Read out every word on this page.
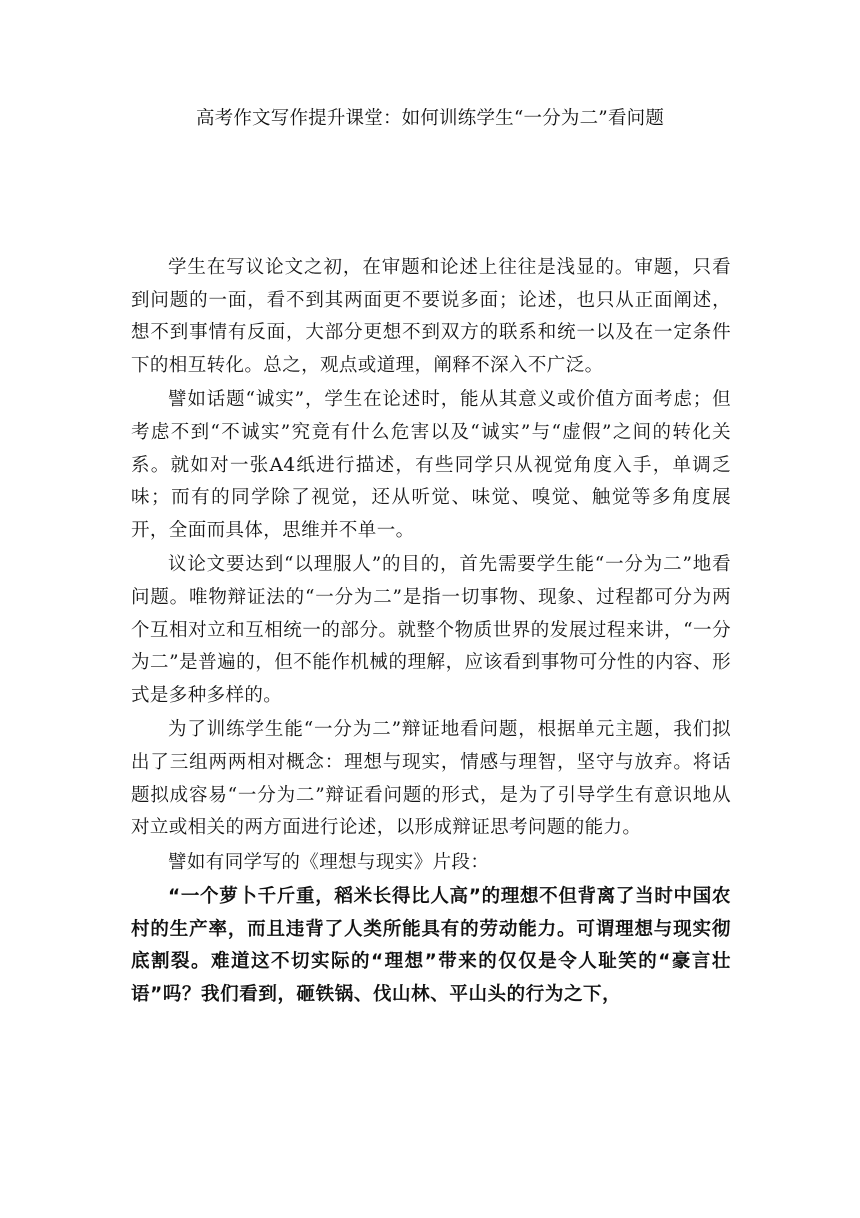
高考作文写作提升课堂：如何训练学生“一分为二”看问题

学生在写议论文之初，在审题和论述上往往是浅显的。审题，只看到问题的一面，看不到其两面更不要说多面；论述，也只从正面阐述，想不到事情有反面，大部分更想不到双方的联系和统一以及在一定条件下的相互转化。总之，观点或道理，阐释不深入不广泛。

譬如话题“诚实”，学生在论述时，能从其意义或价值方面考虑；但考虑不到“不诚实”究竟有什么危害以及“诚实”与“虚假”之间的转化关系。就如对一张A4纸进行描述，有些同学只从视觉角度入手，单调乏味；而有的同学除了视觉，还从听觉、味觉、嗅觉、触觉等多角度展开，全面而具体，思维并不单一。

议论文要达到“以理服人”的目的，首先需要学生能“一分为二”地看问题。唯物辩证法的“一分为二”是指一切事物、现象、过程都可分为两个互相对立和互相统一的部分。就整个物质世界的发展过程来讲，“一分为二”是普遍的，但不能作机械的理解，应该看到事物可分性的内容、形式是多种多样的。

为了训练学生能“一分为二”辩证地看问题，根据单元主题，我们拟出了三组两两相对概念：理想与现实，情感与理智，坚守与放弃。将话题拟成容易“一分为二”辩证看问题的形式，是为了引导学生有意识地从对立或相关的两方面进行论述，以形成辩证思考问题的能力。

譬如有同学写的《理想与现实》片段：

“一个萝卜千斤重，稻米长得比人高”的理想不但背离了当时中国农村的生产率，而且违背了人类所能具有的劳动能力。可谓理想与现实彻底割裂。难道这不切实际的“理想”带来的仅仅是令人耻笑的“豪言壮语”吗？我们看到，砸铁锅、伐山林、平山头的行为之下，
